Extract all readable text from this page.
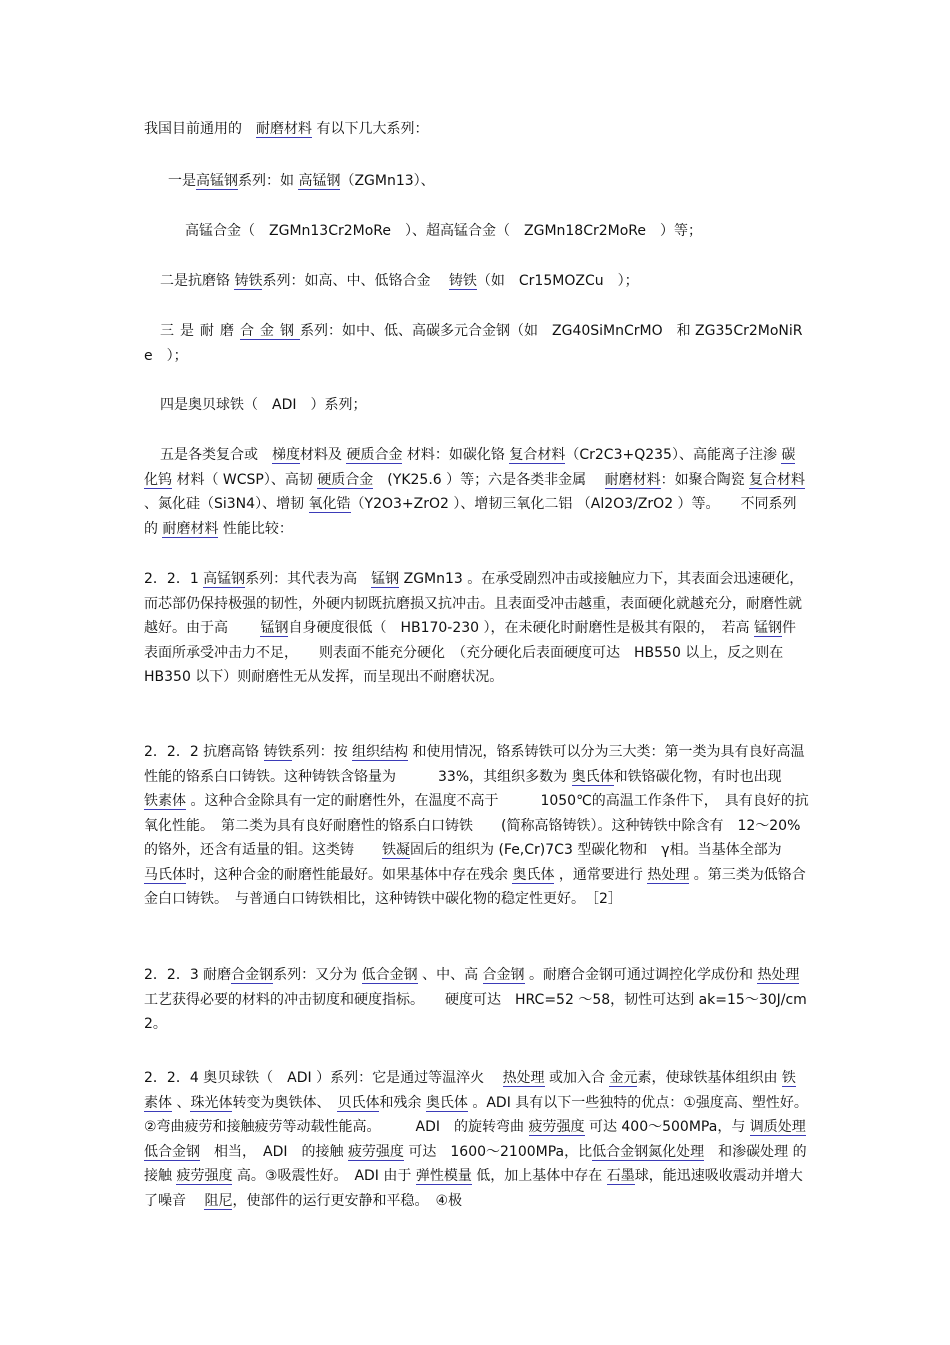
我国目前通用的　耐磨材料 有以下几大系列：
一是高锰钢系列：如 高锰钢（ZGMn13）、
高锰合金（　ZGMn13Cr2MoRe　）、超高锰合金（　ZGMn18Cr2MoRe　）等；
二是抗磨铬 铸铁系列：如高、中、低铬合金　 铸铁（如　Cr15MOZCu　）；
三是耐磨合金钢系列：如中、低、高碳多元合金钢（如　ZG40SiMnCrMO　和 ZG35Cr2MoNiRe　）；
四是奥贝球铁（　ADI　）系列；
五是各类复合或　梯度材料及 硬质合金 材料：如碳化铬 复合材料（Cr2C3+Q235）、高能离子注渗 碳化钨 材料（ WCSP）、高韧 硬质合金　(YK25.6 ）等；六是各类非金属　 耐磨材料：如聚合陶瓷 复合材料 、氮化硅（Si3N4）、增韧 氧化锆（Y2O3+ZrO2 ）、增韧三氧化二铝 （Al2O3/ZrO2 ）等。　　不同系列的 耐磨材料 性能比较：
2．2．1 高锰钢系列：其代表为高　锰钢 ZGMn13 。在承受剧烈冲击或接触应力下，其表面会迅速硬化，　而芯部仍保持极强的韧性，外硬内韧既抗磨损又抗冲击。且表面受冲击越重，表面硬化就越充分，耐磨性就越好。由于高　　 锰钢自身硬度很低（　HB170-230 ），在未硬化时耐磨性是极其有限的，　若高 锰钢件表面所承受冲击力不足，　　则表面不能充分硬化　（充分硬化后表面硬度可达　HB550 以上，反之则在　 HB350 以下）则耐磨性无从发挥，而呈现出不耐磨状况。
2．2．2 抗磨高铬 铸铁系列：按 组织结构 和使用情况，铬系铸铁可以分为三大类：第一类为具有良好高温性能的铬系白口铸铁。这种铸铁含铬量为　　　33%，其组织多数为 奥氏体和铁铬碳化物，有时也出现　铁素体 。这种合金除具有一定的耐磨性外，在温度不高于　　　1050℃的高温工作条件下，　具有良好的抗氧化性能。　第二类为具有良好耐磨性的铬系白口铸铁　　(简称高铬铸铁）。这种铸铁中除含有　12～20%的铬外，还含有适量的钼。这类铸　　铁凝固后的组织为 (Fe,Cr)7C3 型碳化物和　γ相。当基体全部为　马氏体时，这种合金的耐磨性能最好。如果基体中存在残余 奥氏体 ，通常要进行 热处理 。第三类为低铬合金白口铸铁。　与普通白口铸铁相比，这种铸铁中碳化物的稳定性更好。　［2］
2．2．3 耐磨合金钢系列：又分为 低合金钢 、中、高 合金钢 。耐磨合金钢可通过调控化学成份和 热处理工艺获得必要的材料的冲击韧度和硬度指标。　　硬度可达　HRC=52 ～58，韧性可达到 ak=15～30J/cm2。
2．2．4 奥贝球铁（　ADI ）系列：它是通过等温淬火　 热处理 或加入合 金元素，使球铁基体组织由 铁素体 、珠光体转变为奥铁体、　贝氏体和残余 奥氏体 。ADI 具有以下一些独特的优点：①强度高、塑性好。②弯曲疲劳和接触疲劳等动载性能高。　　　ADI　的旋转弯曲 疲劳强度 可达 400～500MPa，与 调质处理低合金钢　相当，　ADI　的接触 疲劳强度 可达　1600～2100MPa，比低合金钢氮化处理　和渗碳处理 的接触 疲劳强度 高。③吸震性好。　ADI 由于 弹性模量 低，加上基体中存在 石墨球，能迅速吸收震动并增大了噪音　 阻尼，使部件的运行更安静和平稳。　④极
